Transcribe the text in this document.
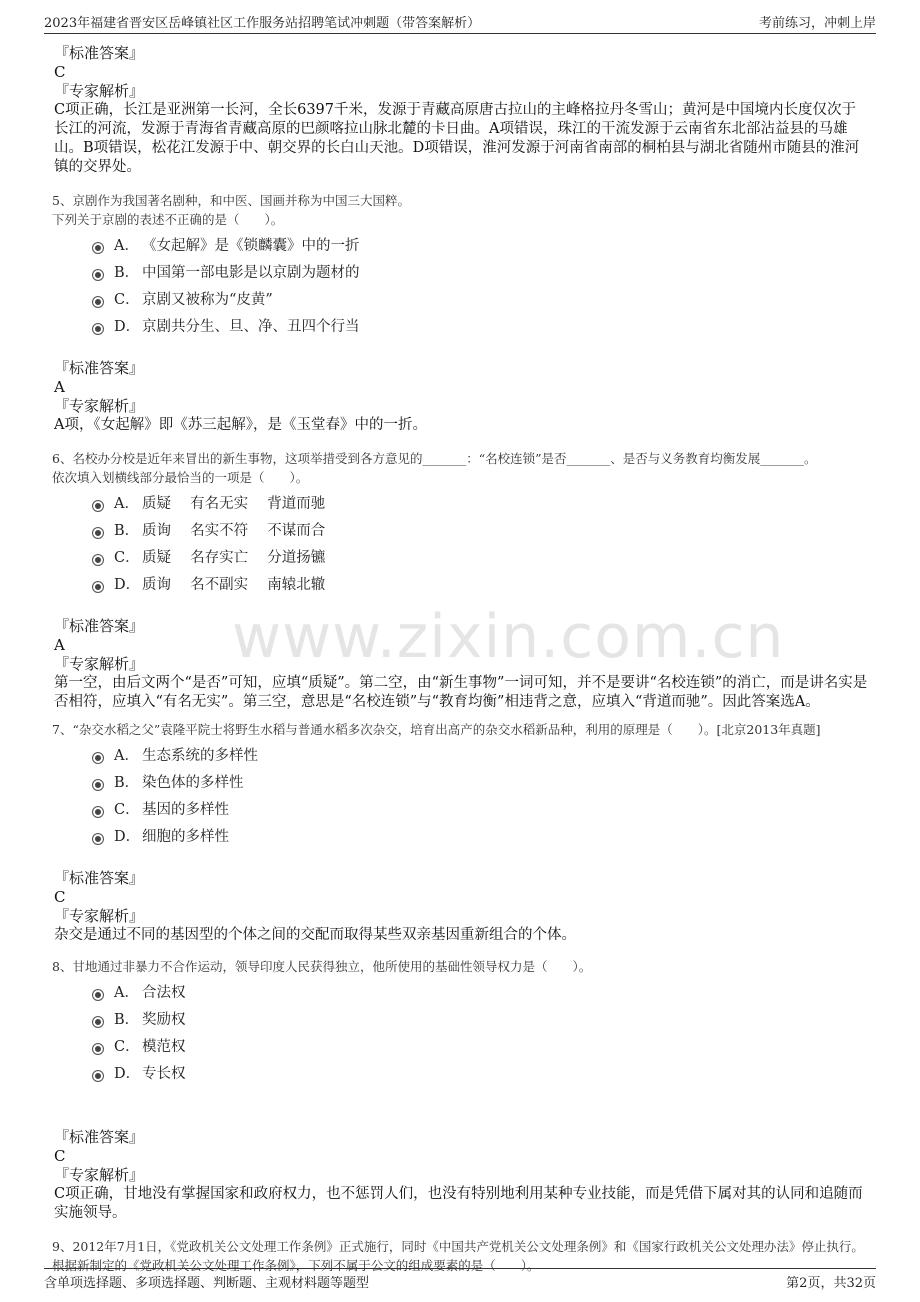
2023年福建省晋安区岳峰镇社区工作服务站招聘笔试冲刺题（带答案解析）	考前练习，冲刺上岸
www.zixin.com.cn
『标准答案』
C
『专家解析』
C项正确，长江是亚洲第一长河，全长6397千米，发源于青藏高原唐古拉山的主峰格拉丹冬雪山；黄河是中国境内长度仅次于长江的河流，发源于青海省青藏高原的巴颜喀拉山脉北麓的卡日曲。A项错误，珠江的干流发源于云南省东北部沾益县的马雄山。B项错误，松花江发源于中、朝交界的长白山天池。D项错误，淮河发源于河南省南部的桐柏县与湖北省随州市随县的淮河镇的交界处。
5、京剧作为我国著名剧种，和中医、国画并称为中国三大国粹。
下列关于京剧的表述不正确的是（　　）。
A． 《女起解》是《锁麟囊》中的一折
B． 中国第一部电影是以京剧为题材的
C． 京剧又被称为“皮黄”
D． 京剧共分生、旦、净、丑四个行当
『标准答案』
A
『专家解析』
A项，《女起解》即《苏三起解》，是《玉堂春》中的一折。
6、名校办分校是近年来冒出的新生事物，这项举措受到各方意见的_______：“名校连锁”是否_______、是否与义务教育均衡发展_______。
依次填入划横线部分最恰当的一项是（　　）。
A． 质疑　 有名无实　 背道而驰
B． 质询　 名实不符　 不谋而合
C． 质疑　 名存实亡　 分道扬镳
D． 质询　 名不副实　 南辕北辙
『标准答案』
A
『专家解析』
第一空，由后文两个“是否”可知，应填“质疑”。第二空，由“新生事物”一词可知，并不是要讲“名校连锁”的消亡，而是讲名实是否相符，应填入“有名无实”。第三空，意思是“名校连锁”与“教育均衡”相违背之意，应填入“背道而驰”。因此答案选A。
7、“杂交水稻之父”袁隆平院士将野生水稻与普通水稻多次杂交，培育出高产的杂交水稻新品种，利用的原理是（　　）。[北京2013年真题]
A． 生态系统的多样性
B． 染色体的多样性
C． 基因的多样性
D． 细胞的多样性
『标准答案』
C
『专家解析』
杂交是通过不同的基因型的个体之间的交配而取得某些双亲基因重新组合的个体。
8、甘地通过非暴力不合作运动，领导印度人民获得独立，他所使用的基础性领导权力是（　　）。
A． 合法权
B． 奖励权
C． 模范权
D． 专长权
『标准答案』
C
『专家解析』
C项正确，甘地没有掌握国家和政府权力，也不惩罚人们，也没有特别地利用某种专业技能，而是凭借下属对其的认同和追随而实施领导。
9、2012年7月1日，《党政机关公文处理工作条例》正式施行，同时《中国共产党机关公文处理条例》和《国家行政机关公文处理办法》停止执行。根据新制定的《党政机关公文处理工作条例》，下列不属于公文的组成要素的是（　　）。
含单项选择题、多项选择题、判断题、主观材料题等题型	第2页，共32页
